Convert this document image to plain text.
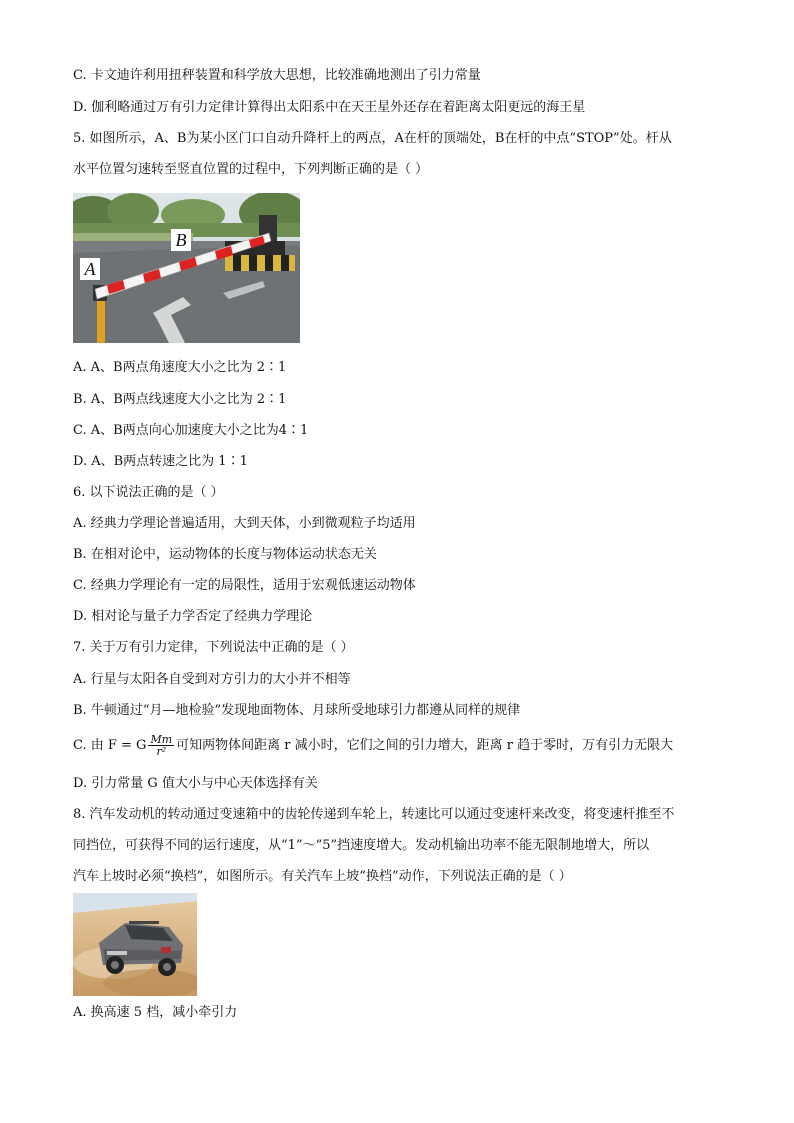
C. 卡文迪许利用扭秤装置和科学放大思想，比较准确地测出了引力常量
D. 伽利略通过万有引力定律计算得出太阳系中在天王星外还存在着距离太阳更远的海王星
5. 如图所示，A、B为某小区门口自动升降杆上的两点，A在杆的顶端处，B在杆的中点“STOP”处。杆从
水平位置匀速转至竖直位置的过程中，下列判断正确的是（ ）
A
B
A. A、B两点角速度大小之比为 2∶1
B. A、B两点线速度大小之比为 2∶1
C. A、B两点向心加速度大小之比为4∶1
D. A、B两点转速之比为 1∶1
6. 以下说法正确的是（ ）
A. 经典力学理论普遍适用，大到天体，小到微观粒子均适用
B. 在相对论中，运动物体的长度与物体运动状态无关
C. 经典力学理论有一定的局限性，适用于宏观低速运动物体
D. 相对论与量子力学否定了经典力学理论
7. 关于万有引力定律，下列说法中正确的是（ ）
A. 行星与太阳各自受到对方引力的大小并不相等
B. 牛顿通过“月—地检验”发现地面物体、月球所受地球引力都遵从同样的规律
C. 由 F = G $\frac{Mm}{\text{r²}}$ 可知两物体间距离 r 减小时，它们之间的引力增大，距离 r 趋于零时，万有引力无限大
D. 引力常量 G 值大小与中心天体选择有关
8. 汽车发动机的转动通过变速箱中的齿轮传递到车轮上，转速比可以通过变速杆来改变，将变速杆推至不
同挡位，可获得不同的运行速度，从“1”～“5”挡速度增大。发动机输出功率不能无限制地增大，所以
汽车上坡时必须“换档”，如图所示。有关汽车上坡“换档”动作，下列说法正确的是（ ）
A. 换高速 5 档，减小牵引力
